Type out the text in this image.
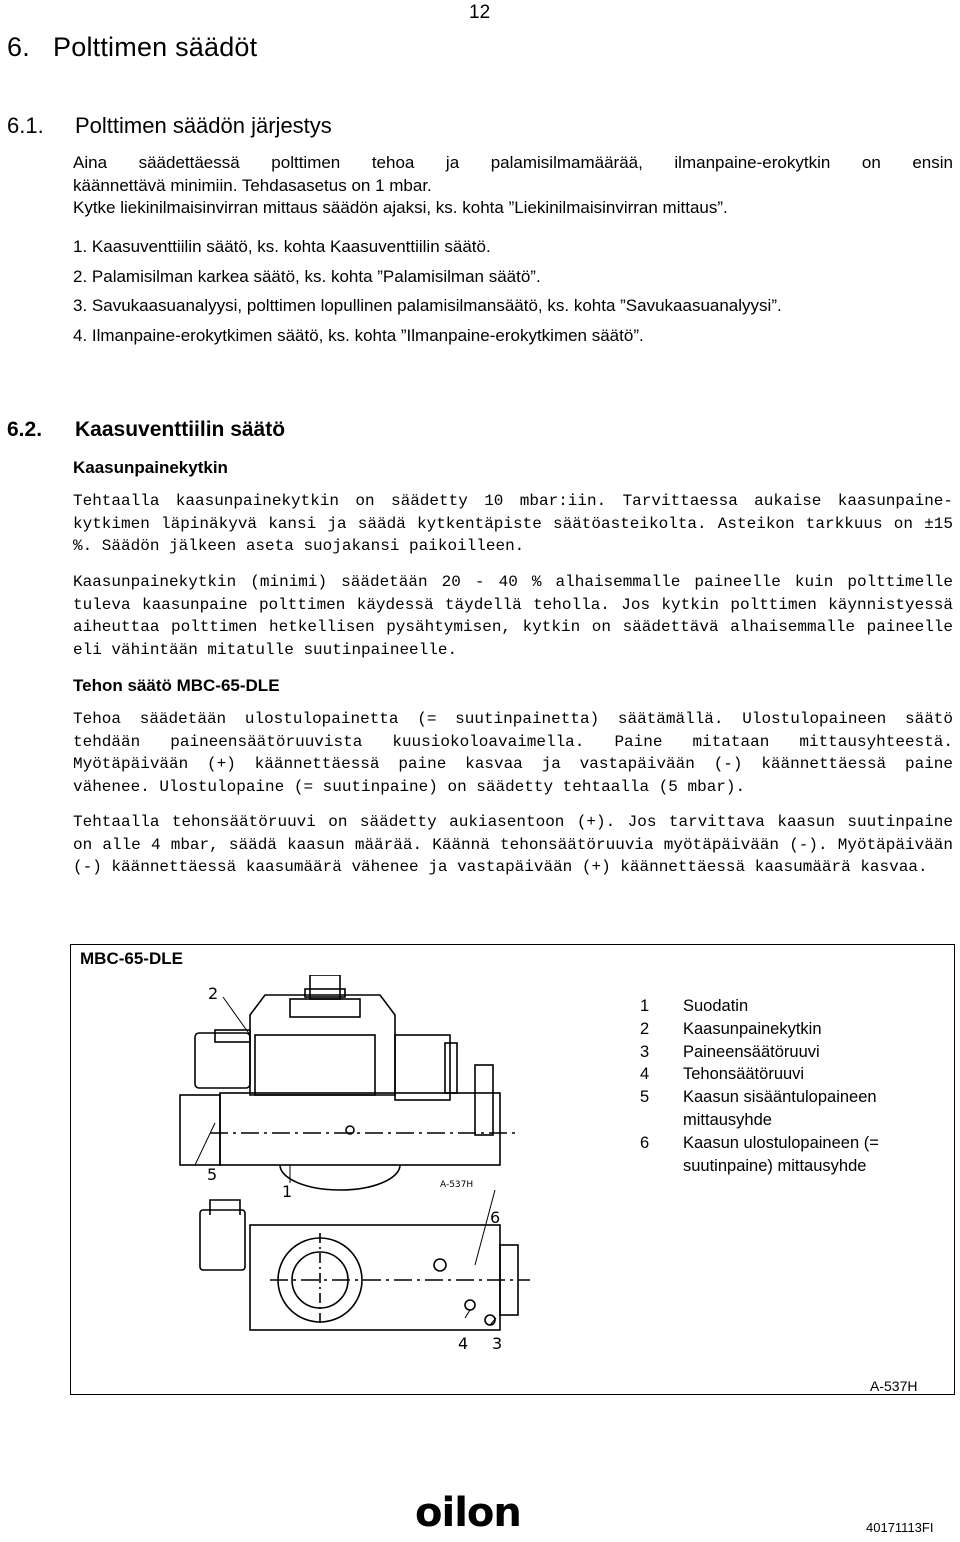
12
6.   Polttimen säädöt
6.1. Polttimen säädön järjestys

Aina säädettäessä polttimen tehoa ja palamisilmamäärää, ilmanpaine-erokytkin on ensin

käännettävä minimiin. Tehdasasetus on 1 mbar.

Kytke liekinilmaisinvirran mittaus säädön ajaksi, ks. kohta ”Liekinilmaisinvirran mittaus”.

1. Kaasuventtiilin säätö, ks. kohta Kaasuventtiilin säätö.
2. Palamisilman karkea säätö, ks. kohta ”Palamisilman säätö”.
3. Savukaasuanalyysi, polttimen lopullinen palamisilmansäätö, ks. kohta ”Savukaasuanalyysi”.
4. Ilmanpaine-erokytkimen säätö, ks. kohta ”Ilmanpaine-erokytkimen säätö”.
6.2. Kaasuventtiilin säätö

Kaasunpainekytkin

Tehtaalla kaasunpainekytkin on säädetty 10 mbar:iin. Tarvittaessa aukaise kaasunpaine-kytkimen läpinäkyvä kansi ja säädä kytkentäpiste säätöasteikolta. Asteikon tarkkuus on ±15 %. Säädön jälkeen aseta suojakansi paikoilleen.

Kaasunpainekytkin (minimi) säädetään 20 - 40 % alhaisemmalle paineelle kuin polttimelle tuleva kaasunpaine polttimen käydessä täydellä teholla. Jos kytkin polttimen käynnistyessä aiheuttaa polttimen hetkellisen pysähtymisen, kytkin on säädettävä alhaisemmalle paineelle eli vähintään mitatulle suutinpaineelle.

Tehon säätö MBC-65-DLE

Tehoa säädetään ulostulopainetta (= suutinpainetta) säätämällä. Ulostulopaineen säätö tehdään paineensäätöruuvista kuusiokoloavaimella. Paine mitataan mittausyhteestä. Myötäpäivään (+) käännettäessä paine kasvaa ja vastapäivään (-) käännettäessä paine vähenee. Ulostulopaine (= suutinpaine) on säädetty tehtaalla (5 mbar).

Tehtaalla tehonsäätöruuvi on säädetty aukiasentoon (+). Jos tarvittava kaasun suutinpaine on alle 4 mbar, säädä kaasun määrää. Käännä tehonsäätöruuvia myötäpäivään (-). Myötäpäivään (-) käännettäessä kaasumäärä vähenee ja vastapäivään (+) käännettäessä kaasumäärä kasvaa.

MBC-65-DLE
2
5
1
6
4 3
A-537H
1	Suodatin
2	Kaasunpainekytkin
3	Paineensäätöruuvi
4	Tehonsäätöruuvi
5	Kaasun sisääntulopaineen mittausyhde
6	Kaasun ulostulopaineen (= suutinpaine) mittausyhde
A-537H
oilon	40171113FI
